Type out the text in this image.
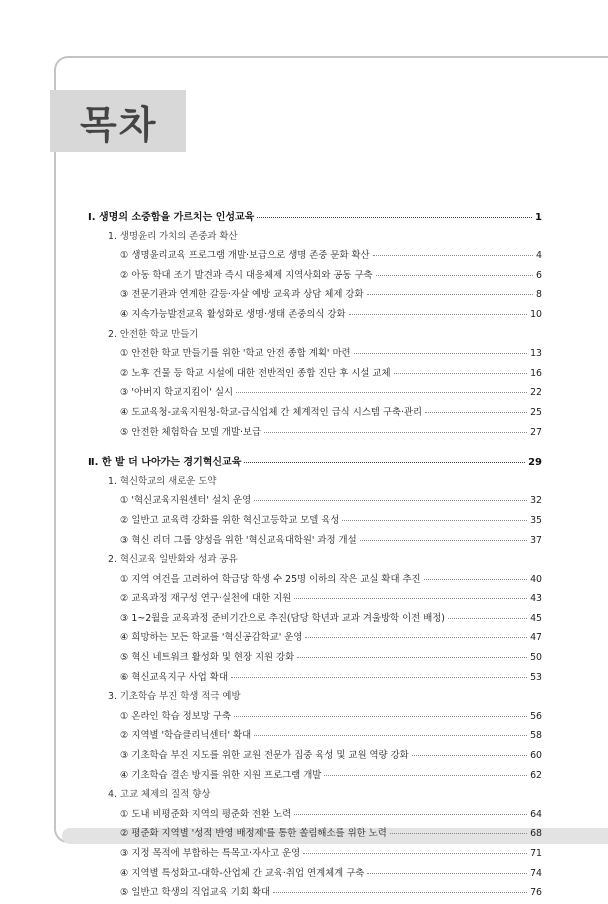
목차
Ⅰ. 생명의 소중함을 가르치는 인성교육	1
1. 생명윤리 가치의 존중과 확산
① 생명윤리교육 프로그램 개발·보급으로 생명 존중 문화 확산	4
② 아동 학대 조기 발견과 즉시 대응체제 지역사회와 공동 구축	6
③ 전문기관과 연계한 갈등·자살 예방 교육과 상담 체제 강화	8
④ 지속가능발전교육 활성화로 생명·생태 존중의식 강화	10
2. 안전한 학교 만들기
① 안전한 학교 만들기를 위한 '학교 안전 종합 계획' 마련	13
② 노후 건물 등 학교 시설에 대한 전반적인 종합 진단 후 시설 교체	16
③ '아버지 학교지킴이' 실시	22
④ 도교육청-교육지원청-학교-급식업체 간 체계적인 급식 시스템 구축·관리	25
⑤ 안전한 체험학습 모델 개발·보급	27
Ⅱ. 한 발 더 나아가는 경기혁신교육	29
1. 혁신학교의 새로운 도약
① '혁신교육지원센터' 설치 운영	32
② 일반고 교육력 강화를 위한 혁신고등학교 모델 육성	35
③ 혁신 리더 그룹 양성을 위한 '혁신교육대학원' 과정 개설	37
2. 혁신교육 일반화와 성과 공유
① 지역 여건을 고려하여 학급당 학생 수 25명 이하의 작은 교실 확대 추진	40
② 교육과정 재구성 연구·실천에 대한 지원	43
③ 1~2월을 교육과정 준비기간으로 추진(담당 학년과 교과 겨울방학 이전 배정)	45
④ 희망하는 모든 학교를 '혁신공감학교' 운영	47
⑤ 혁신 네트워크 활성화 및 현장 지원 강화	50
⑥ 혁신교육지구 사업 확대	53
3. 기초학습 부진 학생 적극 예방
① 온라인 학습 정보망 구축	56
② 지역별 '학습클리닉센터' 확대	58
③ 기초학습 부진 지도를 위한 교원 전문가 집중 육성 및 교원 역량 강화	60
④ 기초학습 결손 방지를 위한 지원 프로그램 개발	62
4. 고교 체제의 질적 향상
① 도내 비평준화 지역의 평준화 전환 노력	64
② 평준화 지역별 '성적 반영 배정제'를 통한 쏠림해소를 위한 노력	68
③ 지정 목적에 부합하는 특목고·자사고 운영	71
④ 지역별 특성화고-대학-산업체 간 교육·취업 연계체계 구축	74
⑤ 일반고 학생의 직업교육 기회 확대	76
